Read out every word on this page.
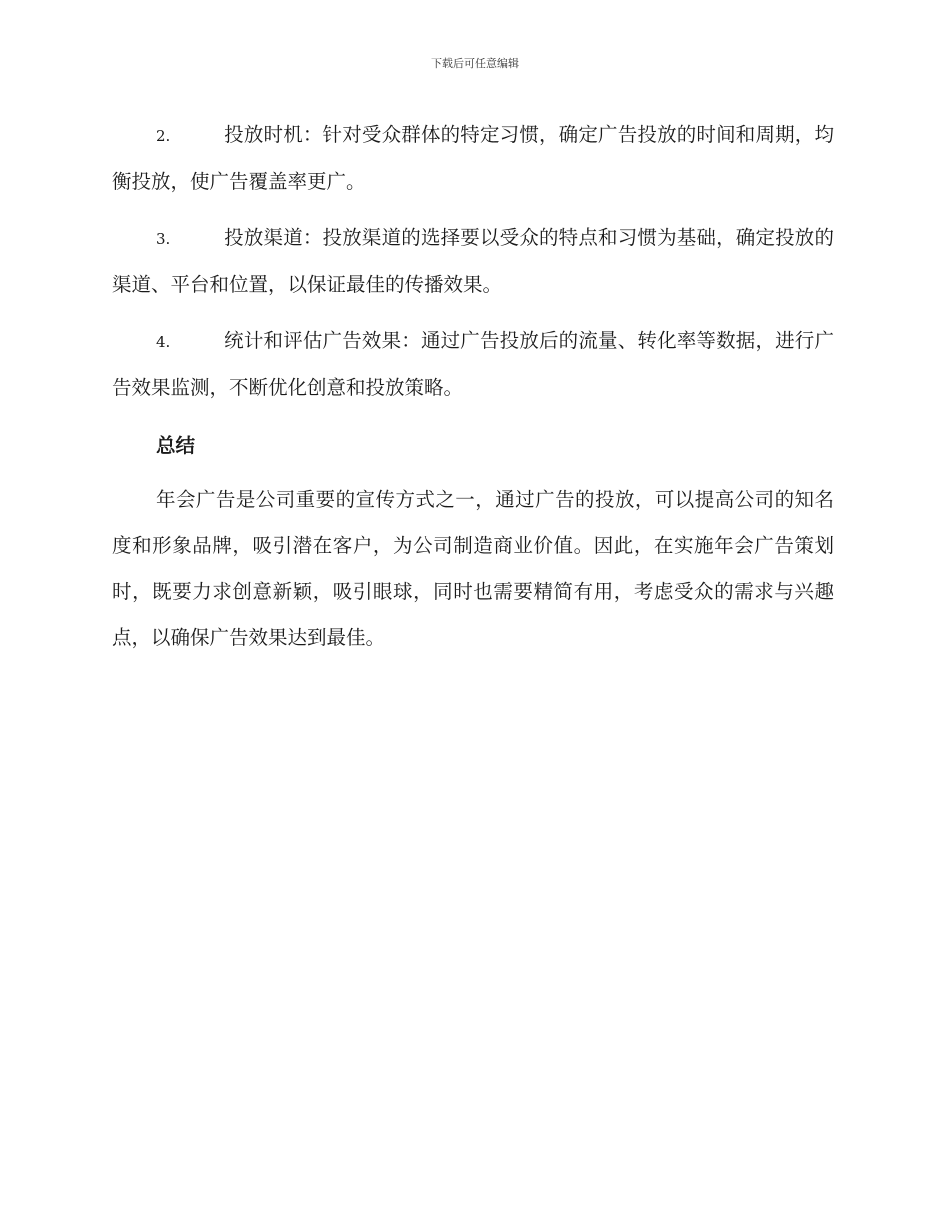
下载后可任意编辑

2.	投放时机：针对受众群体的特定习惯，确定广告投放的时间和周期，均衡投放，使广告覆盖率更广。

3.	投放渠道：投放渠道的选择要以受众的特点和习惯为基础，确定投放的渠道、平台和位置，以保证最佳的传播效果。

4.	统计和评估广告效果：通过广告投放后的流量、转化率等数据，进行广告效果监测，不断优化创意和投放策略。

总结

年会广告是公司重要的宣传方式之一，通过广告的投放，可以提高公司的知名度和形象品牌，吸引潜在客户，为公司制造商业价值。因此，在实施年会广告策划时，既要力求创意新颖，吸引眼球，同时也需要精简有用，考虑受众的需求与兴趣点，以确保广告效果达到最佳。
